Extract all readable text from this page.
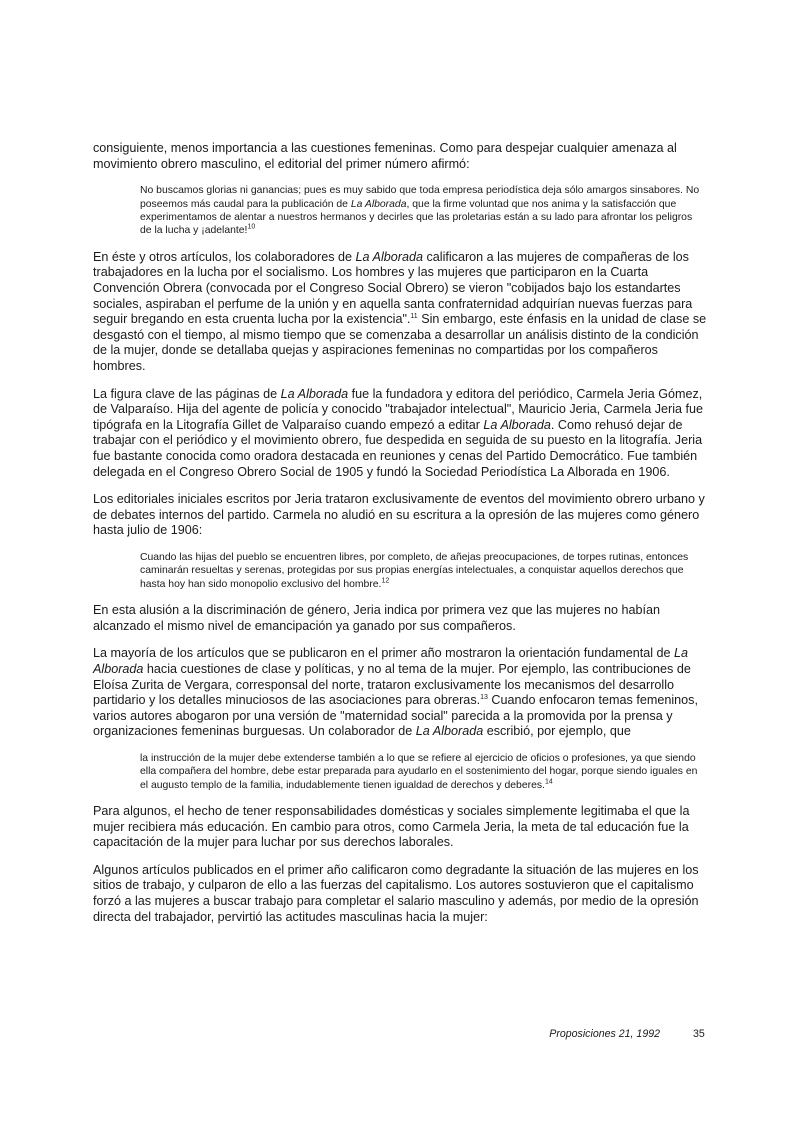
consiguiente, menos importancia a las cuestiones femeninas. Como para despejar cualquier amenaza al movimiento obrero masculino, el editorial del primer número afirmó:

No buscamos glorias ni ganancias; pues es muy sabido que toda empresa periodística deja sólo amargos sinsabores. No poseemos más caudal para la publicación de La Alborada, que la firme voluntad que nos anima y la satisfacción que experimentamos de alentar a nuestros hermanos y decirles que las proletarias están a su lado para afrontar los peligros de la lucha y ¡adelante!$^{10}$

En éste y otros artículos, los colaboradores de La Alborada calificaron a las mujeres de compañeras de los trabajadores en la lucha por el socialismo. Los hombres y las mujeres que participaron en la Cuarta Convención Obrera (convocada por el Congreso Social Obrero) se vieron "cobijados bajo los estandartes sociales, aspiraban el perfume de la unión y en aquella santa confraternidad adquirían nuevas fuerzas para seguir bregando en esta cruenta lucha por la existencia".$^{11}$ Sin embargo, este énfasis en la unidad de clase se desgastó con el tiempo, al mismo tiempo que se comenzaba a desarrollar un análisis distinto de la condición de la mujer, donde se detallaba quejas y aspiraciones femeninas no compartidas por los compañeros hombres.

La figura clave de las páginas de La Alborada fue la fundadora y editora del periódico, Carmela Jeria Gómez, de Valparaíso. Hija del agente de policía y conocido "trabajador intelectual", Mauricio Jeria, Carmela Jeria fue tipógrafa en la Litografía Gillet de Valparaíso cuando empezó a editar La Alborada. Como rehusó dejar de trabajar con el periódico y el movimiento obrero, fue despedida en seguida de su puesto en la litografía. Jeria fue bastante conocida como oradora destacada en reuniones y cenas del Partido Democrático. Fue también delegada en el Congreso Obrero Social de 1905 y fundó la Sociedad Periodística La Alborada en 1906.

Los editoriales iniciales escritos por Jeria trataron exclusivamente de eventos del movimiento obrero urbano y de debates internos del partido. Carmela no aludió en su escritura a la opresión de las mujeres como género hasta julio de 1906:

Cuando las hijas del pueblo se encuentren libres, por completo, de añejas preocupaciones, de torpes rutinas, entonces caminarán resueltas y serenas, protegidas por sus propias energías intelectuales, a conquistar aquellos derechos que hasta hoy han sido monopolio exclusivo del hombre.$^{12}$

En esta alusión a la discriminación de género, Jeria indica por primera vez que las mujeres no habían alcanzado el mismo nivel de emancipación ya ganado por sus compañeros.

La mayoría de los artículos que se publicaron en el primer año mostraron la orientación fundamental de La Alborada hacia cuestiones de clase y políticas, y no al tema de la mujer. Por ejemplo, las contribuciones de Eloísa Zurita de Vergara, corresponsal del norte, trataron exclusivamente los mecanismos del desarrollo partidario y los detalles minuciosos de las asociaciones para obreras.$^{13}$ Cuando enfocaron temas femeninos, varios autores abogaron por una versión de "maternidad social" parecida a la promovida por la prensa y organizaciones femeninas burguesas. Un colaborador de La Alborada escribió, por ejemplo, que

la instrucción de la mujer debe extenderse también a lo que se refiere al ejercicio de oficios o profesiones, ya que siendo ella compañera del hombre, debe estar preparada para ayudarlo en el sostenimiento del hogar, porque siendo iguales en el augusto templo de la familia, indudablemente tienen igualdad de derechos y deberes.$^{14}$

Para algunos, el hecho de tener responsabilidades domésticas y sociales simplemente legitimaba el que la mujer recibiera más educación. En cambio para otros, como Carmela Jeria, la meta de tal educación fue la capacitación de la mujer para luchar por sus derechos laborales.

Algunos artículos publicados en el primer año calificaron como degradante la situación de las mujeres en los sitios de trabajo, y culparon de ello a las fuerzas del capitalismo. Los autores sostuvieron que el capitalismo forzó a las mujeres a buscar trabajo para completar el salario masculino y además, por medio de la opresión directa del trabajador, pervirtió las actitudes masculinas hacia la mujer:

Proposiciones 21, 1992	35
